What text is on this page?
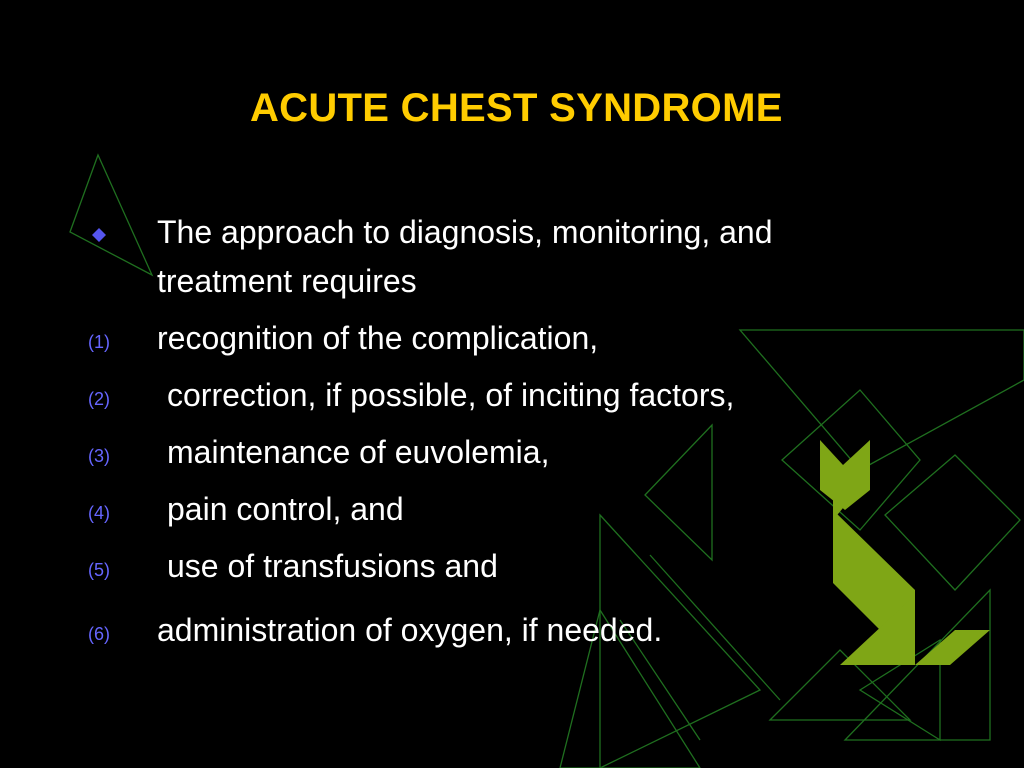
ACUTE CHEST SYNDROME
The approach to diagnosis, monitoring, and
treatment requires
(1) recognition of the complication,
(2) correction, if possible, of inciting factors,
(3) maintenance of euvolemia,
(4) pain control, and
(5) use of transfusions and
(6) administration of oxygen, if needed.
